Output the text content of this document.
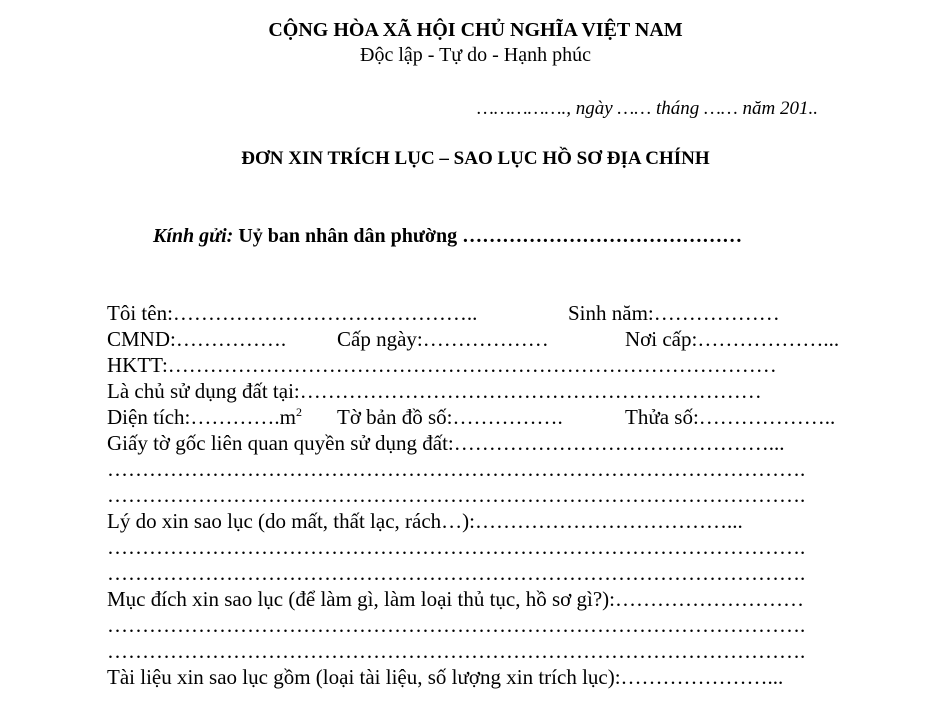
CỘNG HÒA XÃ HỘI CHỦ NGHĨA VIỆT NAM
Độc lập - Tự do - Hạnh phúc
……………., ngày …… tháng …… năm 201..
ĐƠN XIN TRÍCH LỤC – SAO LỤC HỒ SƠ ĐỊA CHÍNH
Kính gửi: Uỷ ban nhân dân phường ……………………………………
Tôi tên:……………………………………..	Sinh năm:………………
CMND:……………. Cấp ngày:………………	Nơi cấp:………………...
HKTT:……………………………………………………………………………
Là chủ sử dụng đất tại:…………………………………………………………
Diện $tích:\dots\dots\dots\dots.m^2$ Tờ bản đồ số:…………….	Thửa số:………………..
Giấy tờ gốc liên quan quyền sử dụng đất:………………………………………...
……………………………………………………………………………………….
……………………………………………………………………………………….
Lý do xin sao lục (do mất, thất lạc, rách…):………………………………...
……………………………………………………………………………………….
……………………………………………………………………………………….
Mục đích xin sao lục (để làm gì, làm loại thủ tục, hồ sơ gì?):………………………
……………………………………………………………………………………….
……………………………………………………………………………………….
Tài liệu xin sao lục gồm (loại tài liệu, số lượng xin trích lục):…………………...
